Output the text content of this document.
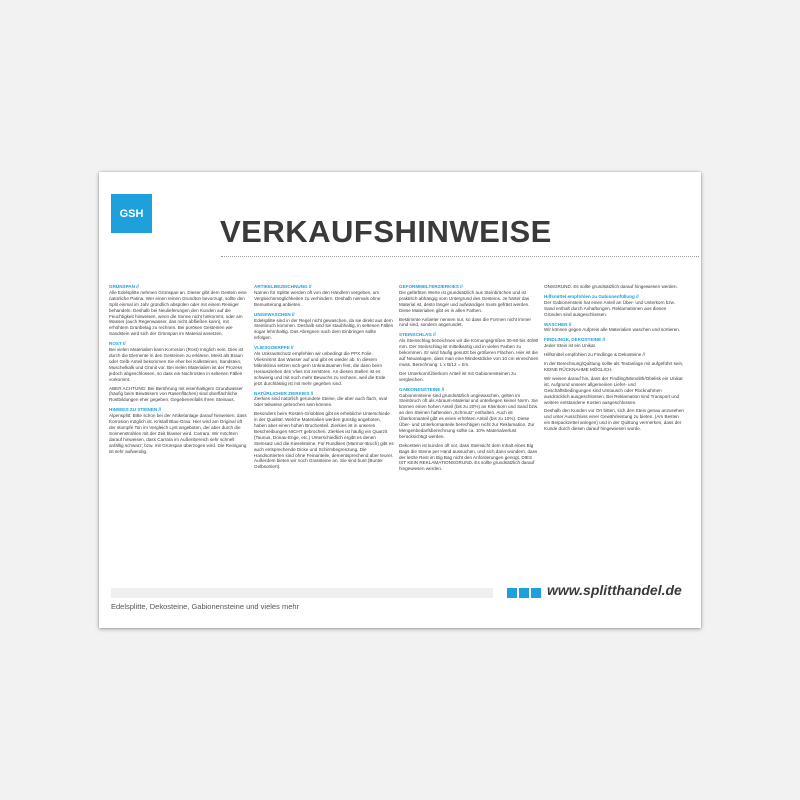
GSH
VERKAUFSHINWEISE
GRÜNSPAN //
Alle Edelsplitte nehmen Grünspan an. Dieser gibt dem Gestein eine natürliche Patina. Wer einen reinen Grundton bevorzugt, sollte den Split einmal im Jahr gründlich abspülen oder mit einem Reiniger behandeln. Deshalb bei Neulieferungen den Kunden auf die Feuchtigkeit hinweisen, wenn die Sonne nicht hinkommt, oder am Wasser (auch Regenwasser, das nicht abfließen kann), mit erhöhtem Grünbelag zu rechnen. Bei porösen Gesteinen wie Sandstein wird sich der Grünspan im Material ansetzen.
ROST //
Bei vielen Materialien kann Korrosion (Rost) möglich sein. Dies ist durch die Elemente in den Gesteinen zu erklären. Meist als Braun oder Gelb-Anteil bekommen Sie eher bei Kalksteinen, Sandstein, Muschelkalk und Granit vor. Bei vielen Materialien ist der Prozess jedoch abgeschlossen, so dass ein Nachrosten in seltenen Fällen vorkommt.
ABER ACHTUNG: Bei Berührung mit eisenhaltigem Grundwasser (häufig beim Bewässern von Rasenflächen) sind oberflächliche Rostbildungen eher gegeben. Gegebenenfalls Ihren Steinaus.
HINWEIS ZU STEINEN //
Alpensplitt: Bitte schon bei der Artikelanlage darauf hinweisen, dass Korrosion möglich ist. Kristall Blau-Grau: Hier wird am Original oft der stumpfe Ton im Vergleich Lyst angeboten, der aber durch die Sonnenstrahlen mit der Zeit blasser wird. Carrara: Wir möchten darauf hinweisen, dass Carrara im Außenbereich sehr schnell anfällig schwarz; bzw. mit Grünspan überzogen wird. Die Reinigung ist sehr aufwendig.
ARTIKELBEZEICHNUNG //
Namen für Splitte werden oft von den Händlern vergeben, um Vergleichsmöglichkeiten zu verhindern. Deshalb niemals ohne Bemusterung anbieten.
UNGEWASCHEN //
Edelsplitte sind in der Regel nicht gewaschen, da sie direkt aus dem Steinbruch kommen. Deshalb sind sie staubhaltig, in seltenen Fällen sogar lehmhaltig. Das Abregnen nach dem Einbringen sollte erfolgen.
VLIESGOERPFE //
Als Unkrautschutz empfehlen wir unbedingt die PPX Folie. Vliesnimmt das Wasser auf und gibt es wieder ab. In diesem Mikroklima setzen sich gern Unkrautsamen fest, die dann beim Herausziehen den Vlies mit zerstören. An diesen Stellen ist es schwierig und mit noch mehr Bewuchs zu rechnen, weil die Erde jetzt durchlässig ist mit mehr gegeben sind.
NATÜRLICHER ZIERKIES //
Zierkies sind natürlich gerundete Steine, die aber auch flach, oval oder teilweise gebrochen sein können.
Besonders beim Rosten-Griobbles gibt es erhebliche Unterschiede in der Qualität. Welche Materialien werden günstig angeboten, haben aber einen hohen Bruchenteil. Zierkies ist in unseren Beschreibungen NICHT gebrochen. Zierkies ist häufig ein Quarzit (Taunus, Donau-Enge, etc.) Unterschiedlich ergibt es denen Steinsatz und die Kieselsteine. Für Rundkies (Marmor-Bruch) gibt es auch entsprechende Dicke und Schirmbegrenzung. Die Handsortierten sind ohne Feinanteile, dementsprechend aber teurer. Außerdem bieten wir noch Grassteine an. Sie sind bunt (Bunter Gelbsortiert).
GEFORMMELTERZIERKIES //
Die gefärbten Werte ist grundsätzlich aus Steinbrüchen und ist praktisch abhängig vom Untergrund des Gesteins. Je härter das Material ist, desto länger und aufwändiger muss gefräst werden. Diese Materialien gibt es in allen Farben.
Bestimmte Anbieter nennen nur, so dass die Formen nicht immer rund sind, sondern angerundet.
STEINSCHLAG //
Als Steinschlag bezeichnen wir die Körnungsgrößen 30-60 bis 40/80 mm. Der Steinschlag ist mittelkantig und in vielen Farben zu bekommen. Er wird häufig genutzt bei größeren Flächen. Hier ist die auf Neuanlagen, dass man eine Mindestdicke von 10 cm einrechnen muss. Berechnung: L x B/12 = t/m.
Der Unterkorn/Überkorn Anteil ist mit Gabionensteinen zu vergleichen.
GABIONENSTEINE //
Gabionensteine sind grundsätzlich ungewaschen, gelten im Steinbruch oft als Abraum-Material und unterliegen keiner Norm. Sie können einen hohen Anteil (bis zu 20%) an Kleinkorn und Sand bzw. an den Steinen haftenden „Schmutz“ enthalten. Auch ist Überkornanteil gibt es einen erhöhten Anteil (bis zu 10%). Diese Über- und Unterkornanteile berechtigen nicht zur Reklamation. Zur Mengenbedarfsberechnung sollte ca. 10% Materialverlust berücksichtigt werden.
Dekorstein ist kunden oft vor, dass Steinsicht dem Inhalt eines Big Bags die Steine per Hand aussuchen, und sich dann wundern, dass der letzte Rest im Big Bag nicht den Anforderungen genügt. DIES IST KEIN REKLAMATIONSGRUND. Es sollte grundsätzlich darauf hingewiesen werden.
ONSGRUND. Es sollte grundsätzlich darauf hingewiesen werden.
Hilfsmittel empfohlen zu Gabionenfüllung //
Der Gabionenstein hat einen Anteil an Über- und Unterkorn bzw. Sand enthalt durch Anhaftungen. Reklamationen aus diesen Gründen sind ausgeschlossen.
WASCHEN //
Wir können gegen Aufpreis alle Materialien waschen und sortieren.
FINDLINGE, DEKOSTEINE //
Jeder Stein ist ein Unikat.
Hilfsmittel empfohlen zu Findlinge & Dekosteine //
In der Berechnung/Quittung sollte als Textanlage mit aufgeführt sein, KEINE RÜCKNAHME MÖGLICH.
Wir weisen darauf hin, dass der Findling/Monolith/Obelisk ein Unikat ist. Aufgrund unserer allgemeinen Liefer- und Geschäftsbedingungen sind Umtausch oder Rücknahmen ausdrücklich ausgeschlossen. Bei Reklamation sind Transport und weitere entstandene Kosten ausgeschlossen.
Deshalb den Kunden vor Ort bitten, sich den Stein genau anzusehen und unter Ausschluss einer Gewährleistung zu bieten. (Am Besten ein Beipackzettel anlegen) und in der Quittung vermerken, dass der Kunde durch diesen darauf hingewiesen wurde.
Edelsplitte, Dekosteine, Gabionensteine und vieles mehr
www.splitthandel.de
